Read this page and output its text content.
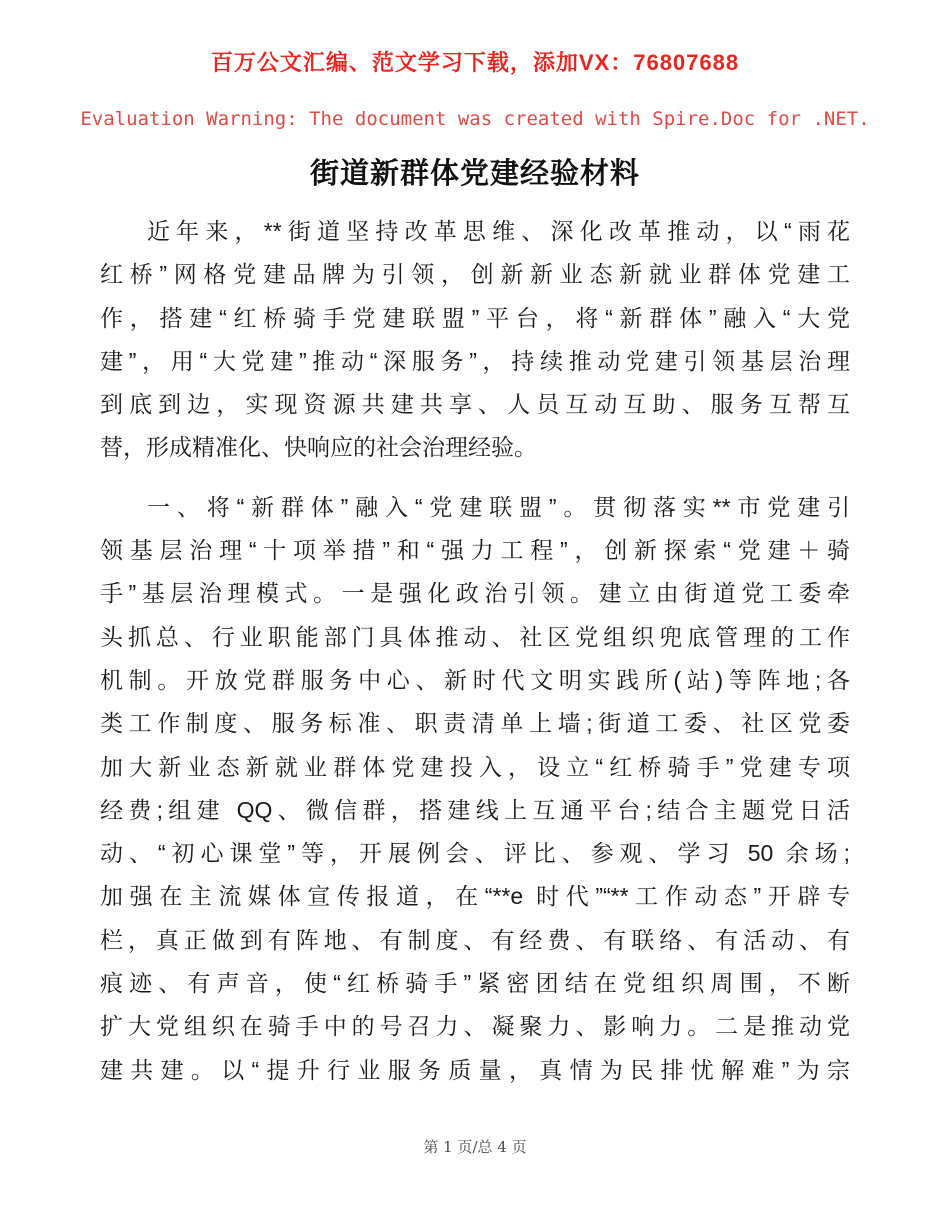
百万公文汇编、范文学习下载，添加VX：76807688
Evaluation Warning: The document was created with Spire.Doc for .NET.
街道新群体党建经验材料
近年来，**街道坚持改革思维、深化改革推动，以“雨花
红桥”网格党建品牌为引领，创新新业态新就业群体党建工
作，搭建“红桥骑手党建联盟”平台，将“新群体”融入“大党
建”，用“大党建”推动“深服务”，持续推动党建引领基层治理
到底到边，实现资源共建共享、人员互动互助、服务互帮互
替，形成精准化、快响应的社会治理经验。
一、将“新群体”融入“党建联盟”。贯彻落实**市党建引
领基层治理“十项举措”和“强力工程”，创新探索“党建＋骑
手”基层治理模式。一是强化政治引领。建立由街道党工委牵
头抓总、行业职能部门具体推动、社区党组织兜底管理的工作
机制。开放党群服务中心、新时代文明实践所(站)等阵地;各
类工作制度、服务标准、职责清单上墙;街道工委、社区党委
加大新业态新就业群体党建投入，设立“红桥骑手”党建专项
经费;组建 QQ、微信群，搭建线上互通平台;结合主题党日活
动、“初心课堂”等，开展例会、评比、参观、学习 50 余场;
加强在主流媒体宣传报道，在“**e 时代”“**工作动态”开辟专
栏，真正做到有阵地、有制度、有经费、有联络、有活动、有
痕迹、有声音，使“红桥骑手”紧密团结在党组织周围，不断
扩大党组织在骑手中的号召力、凝聚力、影响力。二是推动党
建共建。以“提升行业服务质量，真情为民排忧解难”为宗
第 1 页/总 4 页
